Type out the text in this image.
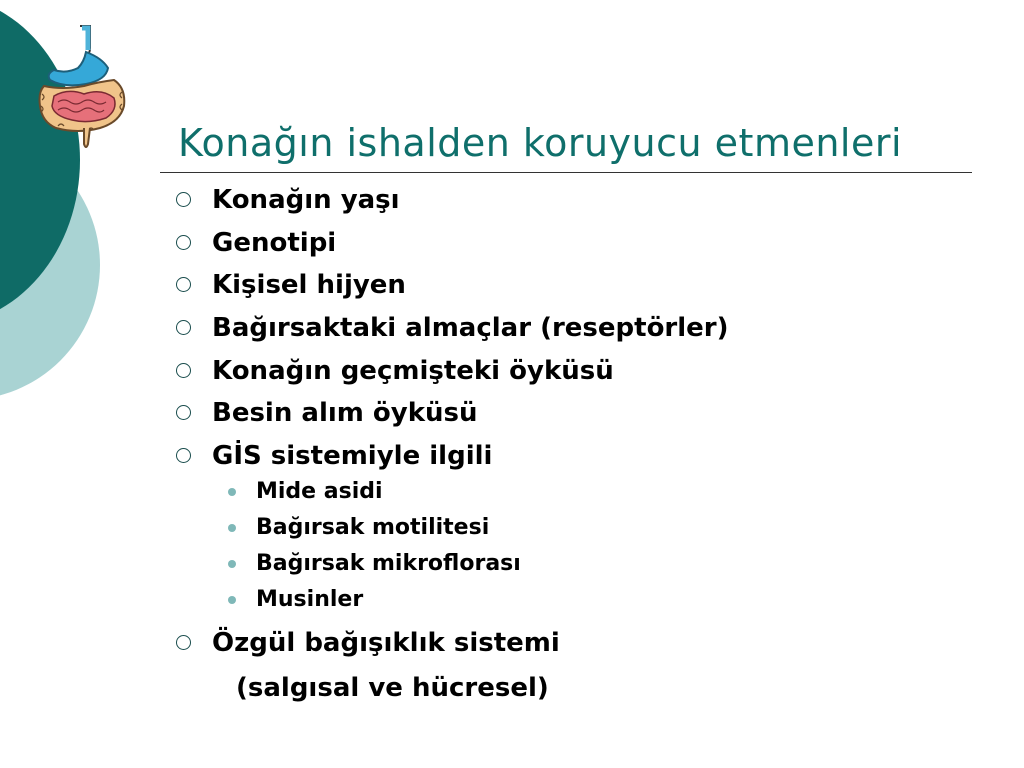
Konağın ishalden koruyucu etmenleri
Konağın yaşı
Genotipi
Kişisel hijyen
Bağırsaktaki almaçlar (reseptörler)
Konağın geçmişteki öyküsü
Besin alım öyküsü
GİS sistemiyle ilgili
Mide asidi
Bağırsak motilitesi
Bağırsak mikroflorası
Musinler
Özgül bağışıklık sistemi
(salgısal ve hücresel)
